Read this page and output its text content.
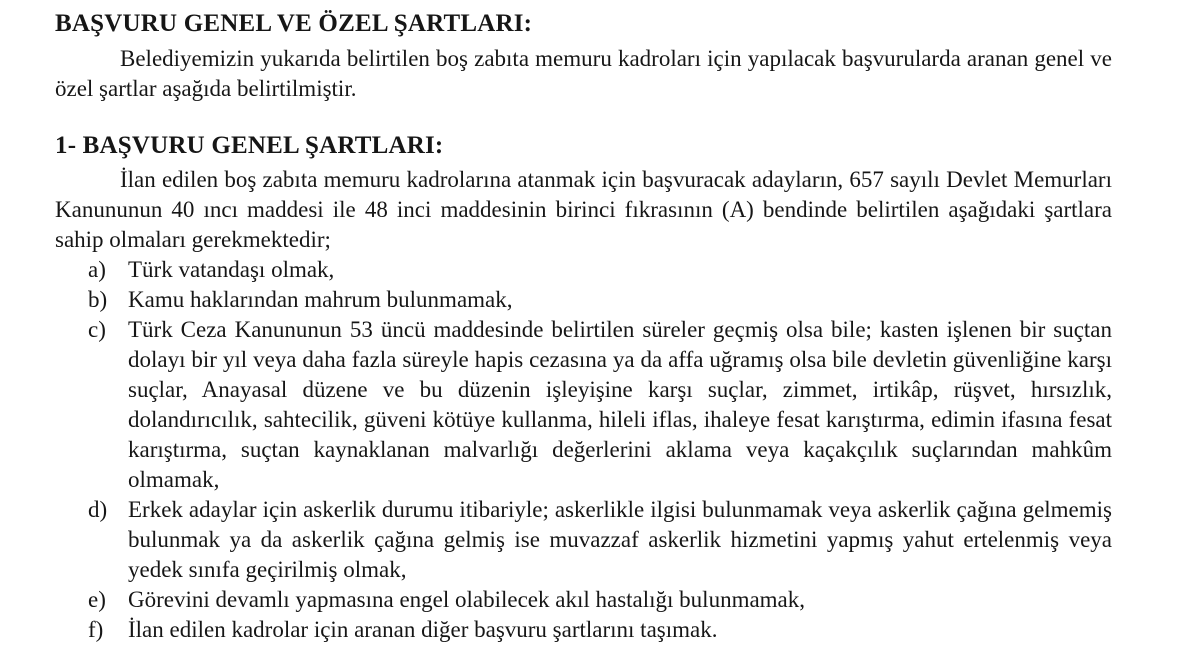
BAŞVURU GENEL VE ÖZEL ŞARTLARI:

Belediyemizin yukarıda belirtilen boş zabıta memuru kadroları için yapılacak başvurularda aranan genel ve özel şartlar aşağıda belirtilmiştir.

1- BAŞVURU GENEL ŞARTLARI:

İlan edilen boş zabıta memuru kadrolarına atanmak için başvuracak adayların, 657 sayılı Devlet Memurları Kanununun 40 ıncı maddesi ile 48 inci maddesinin birinci fıkrasının (A) bendinde belirtilen aşağıdaki şartlara sahip olmaları gerekmektedir;

a) Türk vatandaşı olmak,
b) Kamu haklarından mahrum bulunmamak,
c) Türk Ceza Kanununun 53 üncü maddesinde belirtilen süreler geçmiş olsa bile; kasten işlenen bir suçtan dolayı bir yıl veya daha fazla süreyle hapis cezasına ya da affa uğramış olsa bile devletin güvenliğine karşı suçlar, Anayasal düzene ve bu düzenin işleyişine karşı suçlar, zimmet, irtikâp, rüşvet, hırsızlık, dolandırıcılık, sahtecilik, güveni kötüye kullanma, hileli iflas, ihaleye fesat karıştırma, edimin ifasına fesat karıştırma, suçtan kaynaklanan malvarlığı değerlerini aklama veya kaçakçılık suçlarından mahkûm olmamak,
d) Erkek adaylar için askerlik durumu itibariyle; askerlikle ilgisi bulunmamak veya askerlik çağına gelmemiş bulunmak ya da askerlik çağına gelmiş ise muvazzaf askerlik hizmetini yapmış yahut ertelenmiş veya yedek sınıfa geçirilmiş olmak,
e) Görevini devamlı yapmasına engel olabilecek akıl hastalığı bulunmamak,
f) İlan edilen kadrolar için aranan diğer başvuru şartlarını taşımak.
